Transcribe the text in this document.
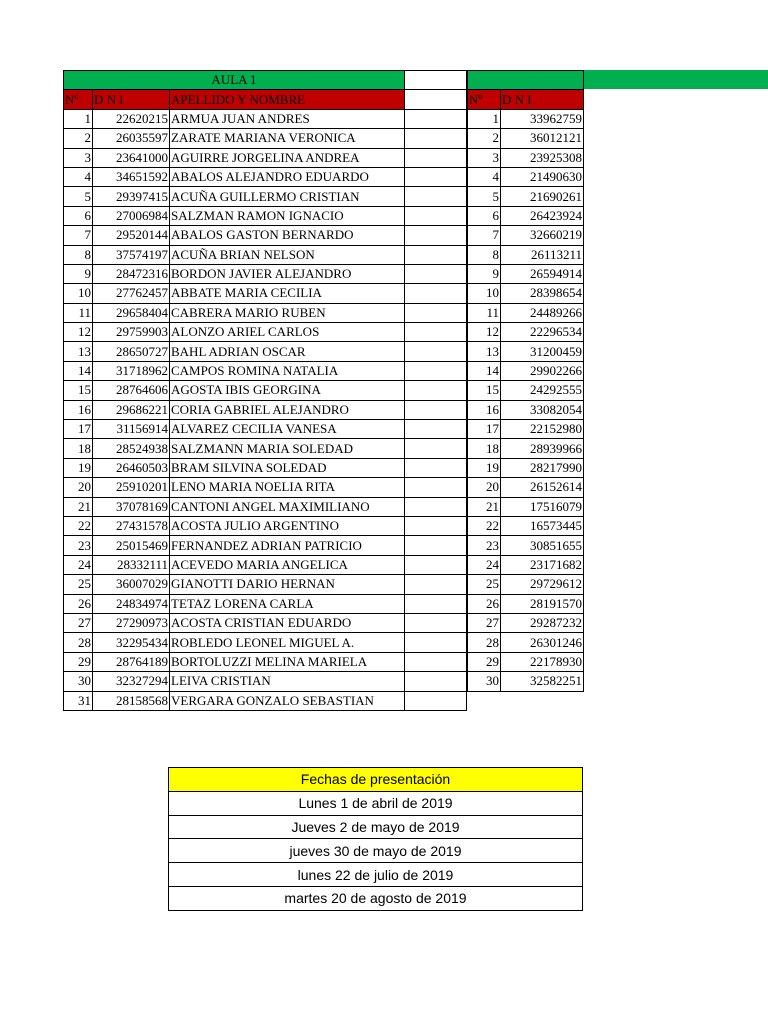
AULA 1			
Nº	D N I	APELLIDO Y NOMBRE	
1	22620215	ARMUA JUAN ANDRES	
2	26035597	ZARATE MARIANA VERONICA	
3	23641000	AGUIRRE JORGELINA ANDREA	
4	34651592	ABALOS ALEJANDRO EDUARDO	
5	29397415	ACUÑA GUILLERMO CRISTIAN	
6	27006984	SALZMAN RAMON IGNACIO	
7	29520144	ABALOS GASTON BERNARDO	
8	37574197	ACUÑA BRIAN NELSON	
9	28472316	BORDON JAVIER ALEJANDRO	
10	27762457	ABBATE MARIA CECILIA	
11	29658404	CABRERA MARIO RUBEN	
12	29759903	ALONZO ARIEL CARLOS	
13	28650727	BAHL ADRIAN OSCAR	
14	31718962	CAMPOS ROMINA NATALIA	
15	28764606	AGOSTA IBIS GEORGINA	
16	29686221	CORIA GABRIEL ALEJANDRO	
17	31156914	ALVAREZ CECILIA VANESA	
18	28524938	SALZMANN MARIA SOLEDAD	
19	26460503	BRAM SILVINA SOLEDAD	
20	25910201	LENO MARIA NOELIA RITA	
21	37078169	CANTONI ANGEL MAXIMILIANO	
22	27431578	ACOSTA JULIO ARGENTINO	
23	25015469	FERNANDEZ ADRIAN PATRICIO	
24	28332111	ACEVEDO MARIA ANGELICA	
25	36007029	GIANOTTI DARIO HERNAN	
26	24834974	TETAZ LORENA CARLA	
27	27290973	ACOSTA CRISTIAN EDUARDO	
28	32295434	ROBLEDO LEONEL MIGUEL A.	
29	28764189	BORTOLUZZI MELINA MARIELA	
30	32327294	LEIVA CRISTIAN	
31	28158568	VERGARA GONZALO SEBASTIAN	

Nº	D N I
1	33962759
2	36012121
3	23925308
4	21490630
5	21690261
6	26423924
7	32660219
8	26113211
9	26594914
10	28398654
11	24489266
12	22296534
13	31200459
14	29902266
15	24292555
16	33082054
17	22152980
18	28939966
19	28217990
20	26152614
21	17516079
22	16573445
23	30851655
24	23171682
25	29729612
26	28191570
27	29287232
28	26301246
29	22178930
30	32582251
Fechas de presentación
Lunes 1 de abril de 2019
Jueves 2 de mayo de 2019
jueves 30 de mayo de 2019
lunes 22 de julio de 2019
martes 20 de agosto de 2019
